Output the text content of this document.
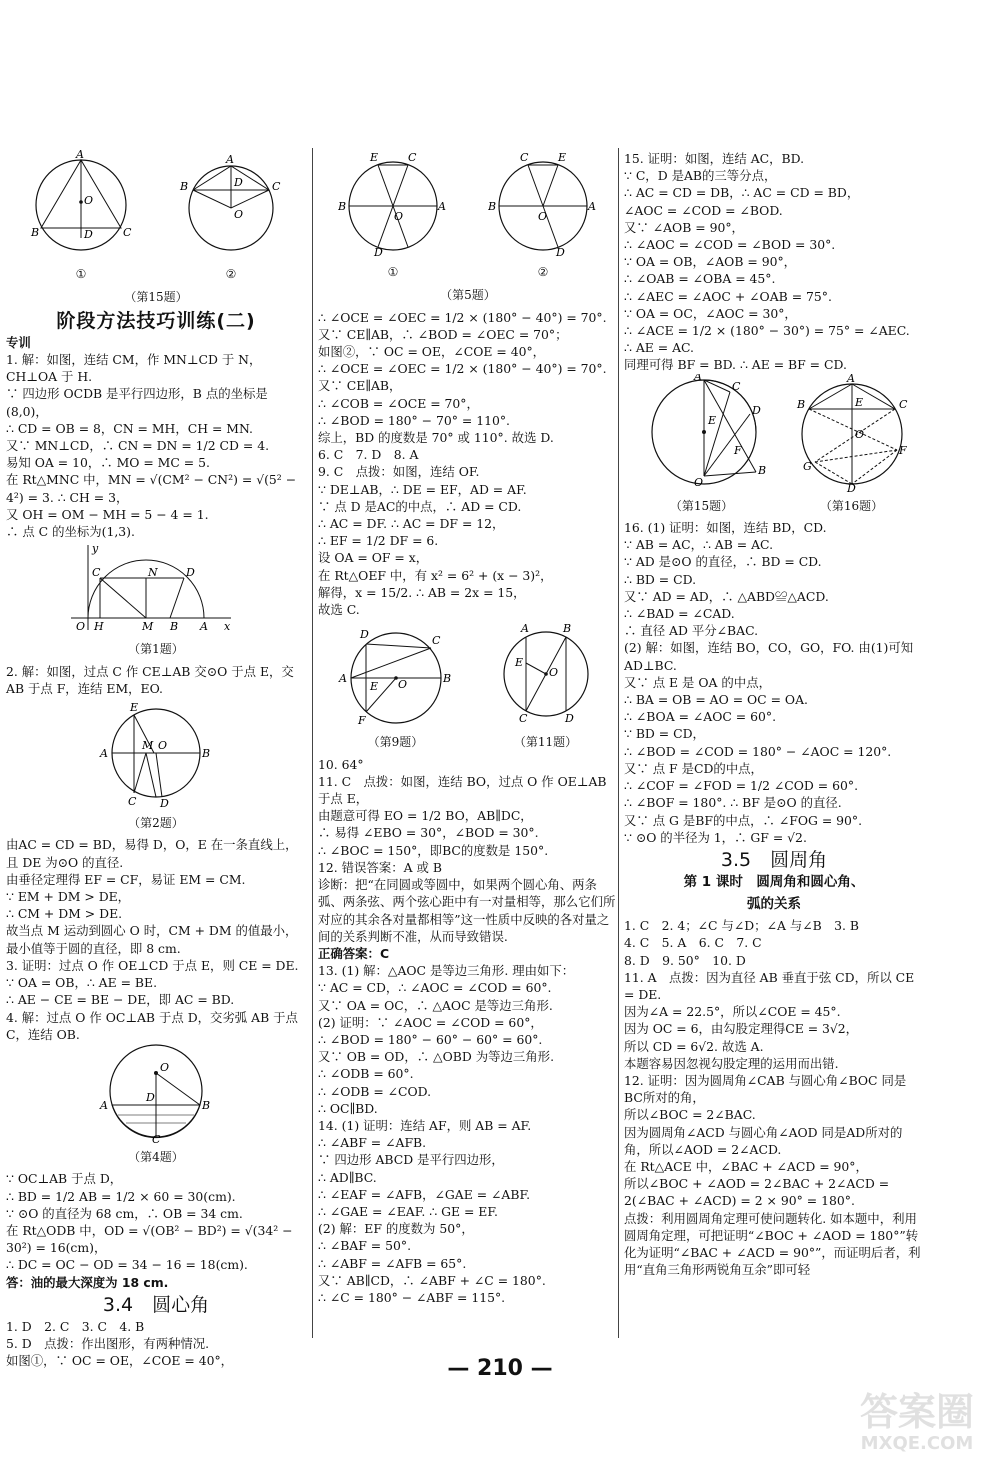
A
B	C
O
D
①
A
B	C
D
O
②
（第15题）
阶段方法技巧训练(二)

专训

1. 解：如图，连结 CM，作 MN⊥CD 于 N，CH⊥OA 于 H.

∵ 四边形 OCDB 是平行四边形，B 点的坐标是(8,0)，

∴ CD = OB = 8，CN = MH，CH = MN.

又∵ MN⊥CD，∴ CN = DN = 1/2 CD = 4.

易知 OA = 10，∴ MO = MC = 5.

在 Rt△MNC 中，MN = √(CM² − CN²) = √(5² − 4²) = 3. ∴ CH = 3，

又 OH = OM − MH = 5 − 4 = 1.

∴ 点 C 的坐标为(1,3).

O H	M B A x
y
C	D
N
（第1题）

2. 解：如图，过点 C 作 CE⊥AB 交⊙O 于点 E，交 AB 于点 F，连结 EM，EO.

E
A	B
M O
C D
（第2题）

由AC = CD = BD，易得 D，O，E 在一条直线上，且 DE 为⊙O 的直径.

由垂径定理得 EF = CF，易证 EM = CM.

∵ EM + DM > DE，

∴ CM + DM > DE.

故当点 M 运动到圆心 O 时，CM + DM 的值最小，最小值等于圆的直径，即 8 cm.

3. 证明：过点 O 作 OE⊥CD 于点 E，则 CE = DE.

∵ OA = OB，∴ AE = BE.

∴ AE − CE = BE − DE，即 AC = BD.

4. 解：过点 O 作 OC⊥AB 于点 D，交劣弧 AB 于点 C，连结 OB.

O
A	B
D
C
（第4题）

∵ OC⊥AB 于点 D，

∴ BD = 1/2 AB = 1/2 × 60 = 30(cm).

∵ ⊙O 的直径为 68 cm，∴ OB = 34 cm.

在 Rt△ODB 中，OD = √(OB² − BD²) = √(34² − 30²) = 16(cm)，

∴ DC = OC − OD = 34 − 16 = 18(cm).

答：油的最大深度为 18 cm.

3.4　圆心角

1. D　2. C　3. C　4. B

5. D　点拨：作出图形，有两种情况.

如图①，∵ OC = OE，∠COE = 40°，

E	C
B	A
O
D
①
C	E
B	A
O
D
②
（第5题）

∴ ∠OCE = ∠OEC = 1/2 × (180° − 40°) = 70°.

又∵ CE∥AB，∴ ∠BOD = ∠OEC = 70°；

如图②，∵ OC = OE，∠COE = 40°，

∴ ∠OCE = ∠OEC = 1/2 × (180° − 40°) = 70°.

又∵ CE∥AB，

∴ ∠COB = ∠OCE = 70°，

∴ ∠BOD = 180° − 70° = 110°.

综上，BD 的度数是 70° 或 110°. 故选 D.

6. C　7. D　8. A

9. C　点拨：如图，连结 OF.

∵ DE⊥AB，∴ DE = EF，AD = AF.

∵ 点 D 是AC的中点，∴ AD = CD.

∴ AC = DF. ∴ AC = DF = 12，

∴ EF = 1/2 DF = 6.

设 OA = OF = x，

在 Rt△OEF 中，有 x² = 6² + (x − 3)²，

解得，x = 15/2. ∴ AB = 2x = 15，

故选 C.

D	C
A	B
E O
F
（第9题）
A	B
E
O
C	D
（第11题）

10. 64°

11. C　点拨：如图，连结 BO，过点 O 作 OE⊥AB 于点 E，

由题意可得 EO = 1/2 BO，AB∥DC，

∴ 易得 ∠EBO = 30°，∠BOD = 30°.

∴ ∠BOC = 150°，即BC的度数是 150°.

12. 错误答案：A 或 B

诊断：把“在同圆或等圆中，如果两个圆心角、两条弧、两条弦、两个弦心距中有一对量相等，那么它们所对应的其余各对量都相等”这一性质中反映的各对量之间的关系判断不准，从而导致错误.

正确答案：C

13. (1) 解：△AOC 是等边三角形. 理由如下：

∵ AC = CD，∴ ∠AOC = ∠COD = 60°.

又∵ OA = OC，∴ △AOC 是等边三角形.

(2) 证明：∵ ∠AOC = ∠COD = 60°，

∴ ∠BOD = 180° − 60° − 60° = 60°.

又∵ OB = OD，∴ △OBD 为等边三角形.

∴ ∠ODB = 60°.

∴ ∠ODB = ∠COD.

∴ OC∥BD.

14. (1) 证明：连结 AF，则 AB = AF.

∴ ∠ABF = ∠AFB.

∵ 四边形 ABCD 是平行四边形，

∴ AD∥BC.

∴ ∠EAF = ∠AFB，∠GAE = ∠ABF.

∴ ∠GAE = ∠EAF. ∴ GE = EF.

(2) 解：EF 的度数为 50°，

∴ ∠BAF = 50°.

∴ ∠ABF = ∠AFB = 65°.

又∵ AB∥CD，∴ ∠ABF + ∠C = 180°.

∴ ∠C = 180° − ∠ABF = 115°.

15. 证明：如图，连结 AC，BD.

∵ C，D 是AB的三等分点，

∴ AC = CD = DB，∴ AC = CD = BD，

∠AOC = ∠COD = ∠BOD.

又∵ ∠AOB = 90°，

∴ ∠AOC = ∠COD = ∠BOD = 30°.

∵ OA = OB，∠AOB = 90°，

∴ ∠OAB = ∠OBA = 45°.

∴ ∠AEC = ∠AOC + ∠OAB = 75°.

∵ OA = OC，∠AOC = 30°，

∴ ∠ACE = 1/2 × (180° − 30°) = 75° = ∠AEC.

∴ AE = AC.

同理可得 BF = BD. ∴ AE = BF = CD.

A
C
D
E
F
B
O
（第15题）
A
B	C
E
O
F
G
D
（第16题）

16. (1) 证明：如图，连结 BD，CD.

∵ AB = AC，∴ AB = AC.

∵ AD 是⊙O 的直径，∴ BD = CD.

∴ BD = CD.

又∵ AD = AD，∴ △ABD≌△ACD.

∴ ∠BAD = ∠CAD.

∴ 直径 AD 平分∠BAC.

(2) 解：如图，连结 BO，CO，GO，FO. 由(1)可知 AD⊥BC.

又∵ 点 E 是 OA 的中点，

∴ BA = OB = AO = OC = OA.

∴ ∠BOA = ∠AOC = 60°.

∵ BD = CD，

∴ ∠BOD = ∠COD = 180° − ∠AOC = 120°.

又∵ 点 F 是CD的中点，

∴ ∠COF = ∠FOD = 1/2 ∠COD = 60°.

∴ ∠BOF = 180°. ∴ BF 是⊙O 的直径.

又∵ 点 G 是BF的中点，∴ ∠FOG = 90°.

∵ ⊙O 的半径为 1，∴ GF = √2.

3.5　圆周角
第 1 课时　圆周角和圆心角、
弧的关系

1. C　2. 4；∠C 与∠D；∠A 与∠B　3. B

4. C　5. A　6. C　7. C

8. D　9. 50°　10. D

11. A　点拨：因为直径 AB 垂直于弦 CD，所以 CE = DE.

因为∠A = 22.5°，所以∠COE = 45°.

因为 OC = 6，由勾股定理得CE = 3√2，

所以 CD = 6√2. 故选 A.

本题容易因忽视勾股定理的运用而出错.

12. 证明：因为圆周角∠CAB 与圆心角∠BOC 同是BC所对的角，

所以∠BOC = 2∠BAC.

因为圆周角∠ACD 与圆心角∠AOD 同是AD所对的角，所以∠AOD = 2∠ACD.

在 Rt△ACE 中，∠BAC + ∠ACD = 90°，

所以∠BOC + ∠AOD = 2∠BAC + 2∠ACD = 2(∠BAC + ∠ACD) = 2 × 90° = 180°.

点拨：利用圆周角定理可使问题转化. 如本题中，利用圆周角定理，可把证明“∠BOC + ∠AOD = 180°”转化为证明“∠BAC + ∠ACD = 90°”，而证明后者，利用“直角三角形两锐角互余”即可轻

— 210 —
答案圈
MXQE.COM
